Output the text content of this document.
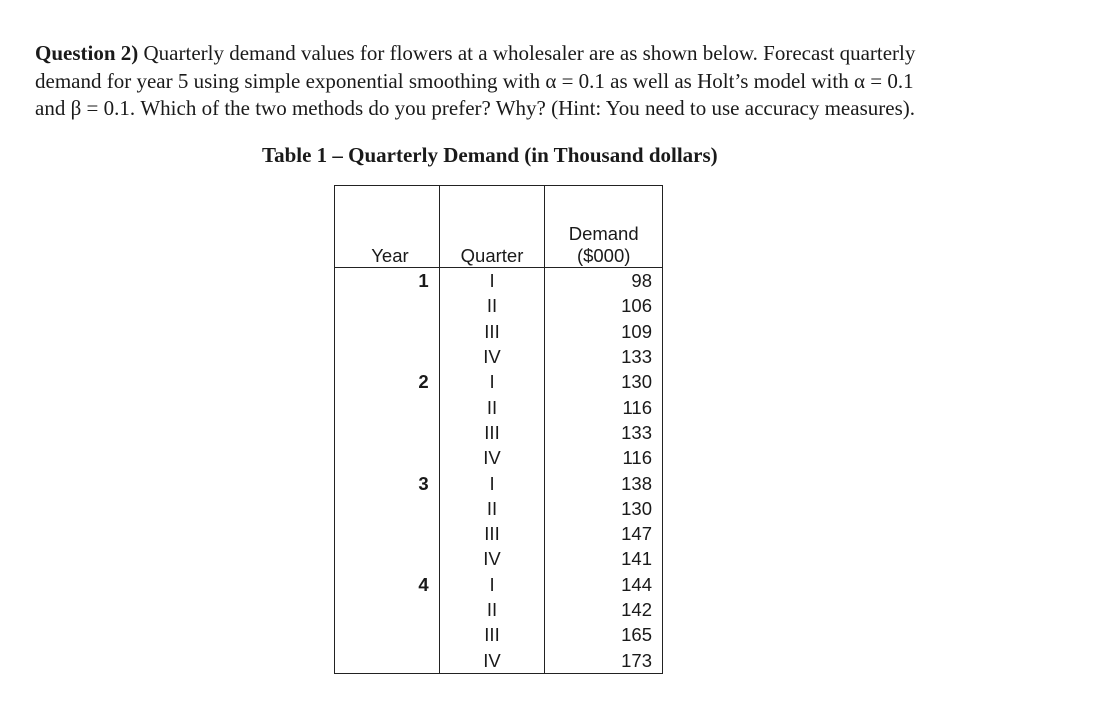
Question 2) Quarterly demand values for flowers at a wholesaler are as shown below. Forecast quarterly

demand for year 5 using simple exponential smoothing with α = 0.1 as well as Holt’s model with α = 0.1

and β = 0.1. Which of the two methods do you prefer? Why? (Hint: You need to use accuracy measures).

Table 1 – Quarterly Demand (in Thousand dollars)
Year	Quarter	Demand
($000)

1	I	98
	II	106
	III	109
	IV	133
2	I	130
	II	116
	III	133
	IV	116
3	I	138
	II	130
	III	147
	IV	141
4	I	144
	II	142
	III	165
	IV	173
